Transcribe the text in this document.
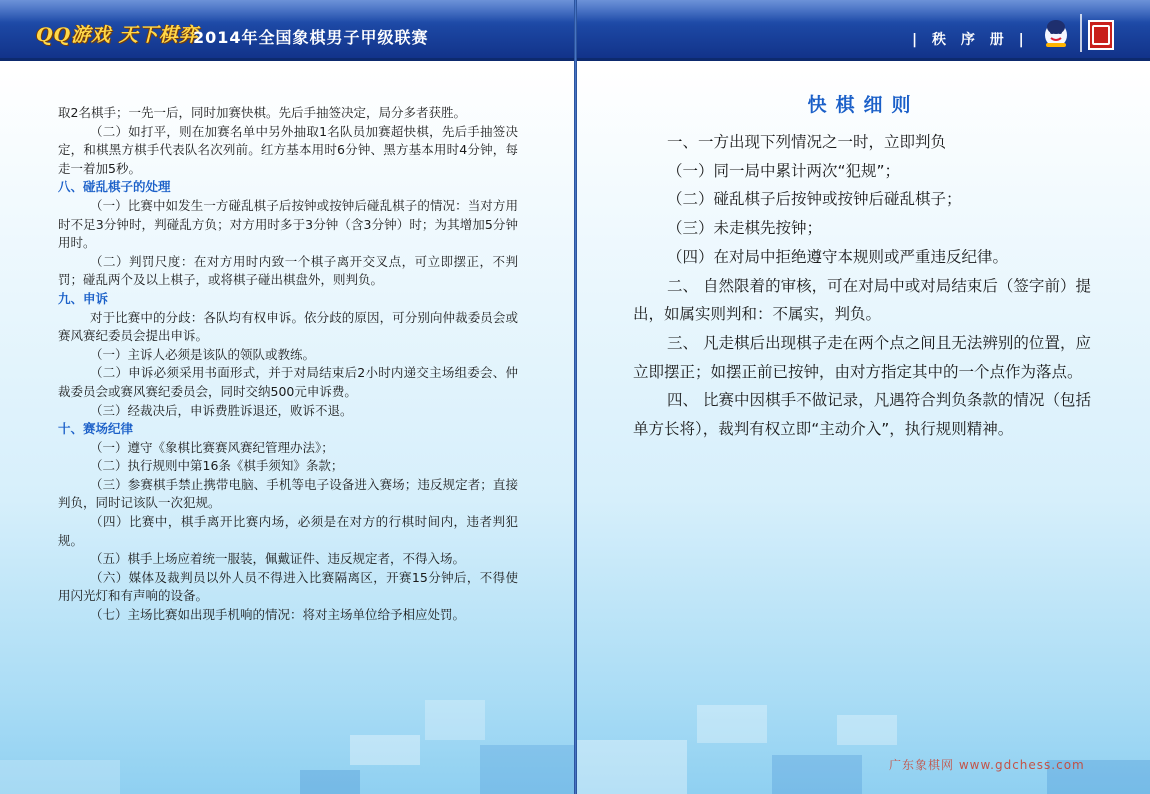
QQ游戏 天下棋弈
2014年全国象棋男子甲级联赛

取2名棋手；一先一后，同时加赛快棋。先后手抽签决定，局分多者获胜。

（二）如打平，则在加赛名单中另外抽取1名队员加赛超快棋，先后手抽签决定，和棋黑方棋手代表队名次列前。红方基本用时6分钟、黑方基本用时4分钟，每走一着加5秒。

八、碰乱棋子的处理

（一）比赛中如发生一方碰乱棋子后按钟或按钟后碰乱棋子的情况：当对方用时不足3分钟时，判碰乱方负；对方用时多于3分钟（含3分钟）时；为其增加5分钟用时。

（二）判罚尺度：在对方用时内致一个棋子离开交叉点，可立即摆正，不判罚；碰乱两个及以上棋子，或将棋子碰出棋盘外，则判负。

九、申诉

对于比赛中的分歧：各队均有权申诉。依分歧的原因，可分别向仲裁委员会或赛风赛纪委员会提出申诉。

（一）主诉人必须是该队的领队或教练。

（二）申诉必须采用书面形式，并于对局结束后2小时内递交主场组委会、仲裁委员会或赛风赛纪委员会，同时交纳500元申诉费。

（三）经裁决后，申诉费胜诉退还，败诉不退。

十、赛场纪律

（一）遵守《象棋比赛赛风赛纪管理办法》；

（二）执行规则中第16条《棋手须知》条款；

（三）参赛棋手禁止携带电脑、手机等电子设备进入赛场；违反规定者；直接判负，同时记该队一次犯规。

（四）比赛中，棋手离开比赛内场，必须是在对方的行棋时间内，违者判犯规。

（五）棋手上场应着统一服装，佩戴证件、违反规定者，不得入场。

（六）媒体及裁判员以外人员不得进入比赛隔离区，开赛15分钟后，不得使用闪光灯和有声响的设备。

（七）主场比赛如出现手机响的情况：将对主场单位给予相应处罚。

| 秩 序 册 |
快棋细则

一、一方出现下列情况之一时，立即判负

（一）同一局中累计两次“犯规”；

（二）碰乱棋子后按钟或按钟后碰乱棋子；

（三）未走棋先按钟；

（四）在对局中拒绝遵守本规则或严重违反纪律。

二、 自然限着的审核，可在对局中或对局结束后（签字前）提出，如属实则判和：不属实，判负。

三、 凡走棋后出现棋子走在两个点之间且无法辨别的位置，应立即摆正；如摆正前已按钟，由对方指定其中的一个点作为落点。

四、 比赛中因棋手不做记录，凡遇符合判负条款的情况（包括单方长将），裁判有权立即“主动介入”，执行规则精神。

广东象棋网 www.gdchess.com
